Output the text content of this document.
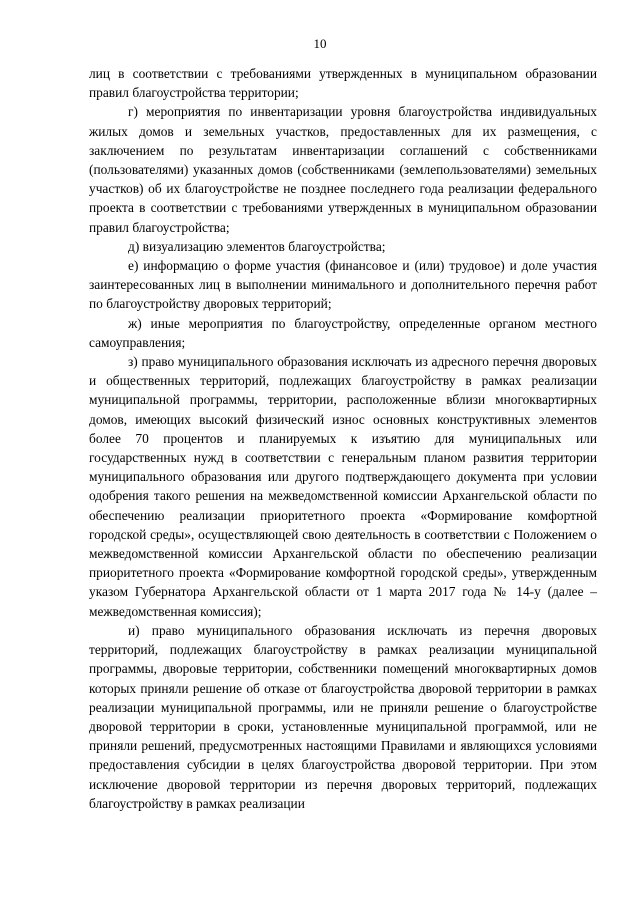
10

лиц в соответствии с требованиями утвержденных в муниципальном образовании правил благоустройства территории;

г) мероприятия по инвентаризации уровня благоустройства индивидуальных жилых домов и земельных участков, предоставленных для их размещения, с заключением по результатам инвентаризации соглашений с собственниками (пользователями) указанных домов (собственниками (землепользователями) земельных участков) об их благоустройстве не позднее последнего года реализации федерального проекта в соответствии с требованиями утвержденных в муниципальном образовании правил благоустройства;

д) визуализацию элементов благоустройства;

е) информацию о форме участия (финансовое и (или) трудовое) и доле участия заинтересованных лиц в выполнении минимального и дополнительного перечня работ по благоустройству дворовых территорий;

ж) иные мероприятия по благоустройству, определенные органом местного самоуправления;

з) право муниципального образования исключать из адресного перечня дворовых и общественных территорий, подлежащих благоустройству в рамках реализации муниципальной программы, территории, расположенные вблизи многоквартирных домов, имеющих высокий физический износ основных конструктивных элементов более 70 процентов и планируемых к изъятию для муниципальных или государственных нужд в соответствии с генеральным планом развития территории муниципального образования или другого подтверждающего документа при условии одобрения такого решения на межведомственной комиссии Архангельской области по обеспечению реализации приоритетного проекта «Формирование комфортной городской среды», осуществляющей свою деятельность в соответствии с Положением о межведомственной комиссии Архангельской области по обеспечению реализации приоритетного проекта «Формирование комфортной городской среды», утвержденным указом Губернатора Архангельской области от 1 марта 2017 года № 14-у (далее – межведомственная комиссия);

и) право муниципального образования исключать из перечня дворовых территорий, подлежащих благоустройству в рамках реализации муниципальной программы, дворовые территории, собственники помещений многоквартирных домов которых приняли решение об отказе от благоустройства дворовой территории в рамках реализации муниципальной программы, или не приняли решение о благоустройстве дворовой территории в сроки, установленные муниципальной программой, или не приняли решений, предусмотренных настоящими Правилами и являющихся условиями предоставления субсидии в целях благоустройства дворовой территории. При этом исключение дворовой территории из перечня дворовых территорий, подлежащих благоустройству в рамках реализации
